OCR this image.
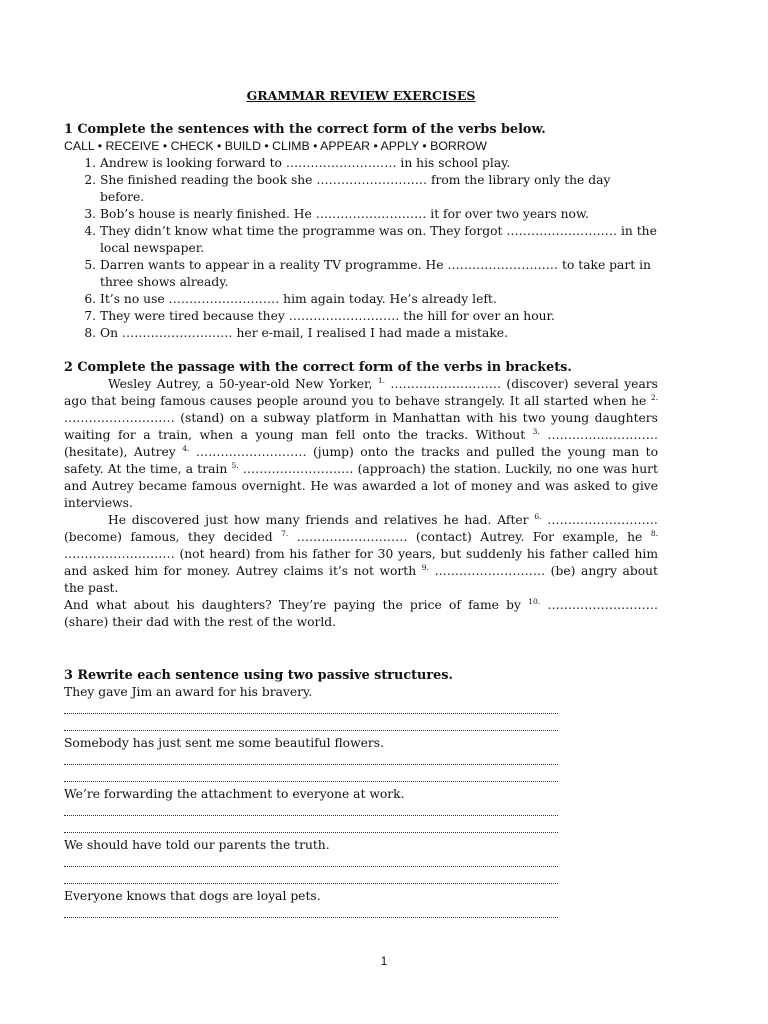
GRAMMAR REVIEW EXERCISES
1 Complete the sentences with the correct form of the verbs below.
CALL • RECEIVE • CHECK • BUILD • CLIMB • APPEAR • APPLY • BORROW
1. Andrew is looking forward to ……………………… in his school play.
2. She finished reading the book she ……………………… from the library only the day before.
3. Bob’s house is nearly finished. He ……………………… it for over two years now.
4. They didn’t know what time the programme was on. They forgot ……………………… in the local newspaper.
5. Darren wants to appear in a reality TV programme. He ……………………… to take part in three shows already.
6. It’s no use ……………………… him again today. He’s already left.
7. They were tired because they ……………………… the hill for over an hour.
8. On ……………………… her e-mail, I realised I had made a mistake.
2 Complete the passage with the correct form of the verbs in brackets.

Wesley Autrey, a 50-year-old New Yorker, $^{1.}$ ……………………… (discover) several years ago that being famous causes people around you to behave strangely. It all started when he $^{2.}$ ……………………… (stand) on a subway platform in Manhattan with his two young daughters waiting for a train, when a young man fell onto the tracks. Without $^{3.}$ ……………………… (hesitate), Autrey $^{4.}$ ……………………… (jump) onto the tracks and pulled the young man to safety. At the time, a train $^{5.}$ ……………………… (approach) the station. Luckily, no one was hurt and Autrey became famous overnight. He was awarded a lot of money and was asked to give interviews.

He discovered just how many friends and relatives he had. After $^{6.}$ ……………………… (become) famous, they decided $^{7.}$ ……………………… (contact) Autrey. For example, he $^{8.}$ ……………………… (not heard) from his father for 30 years, but suddenly his father called him and asked him for money. Autrey claims it’s not worth $^{9.}$ ……………………… (be) angry about the past.

And what about his daughters? They’re paying the price of fame by $^{10.}$ ……………………… (share) their dad with the rest of the world.

3 Rewrite each sentence using two passive structures.

They gave Jim an award for his bravery.

Somebody has just sent me some beautiful flowers.

We’re forwarding the attachment to everyone at work.

We should have told our parents the truth.

Everyone knows that dogs are loyal pets.

1
